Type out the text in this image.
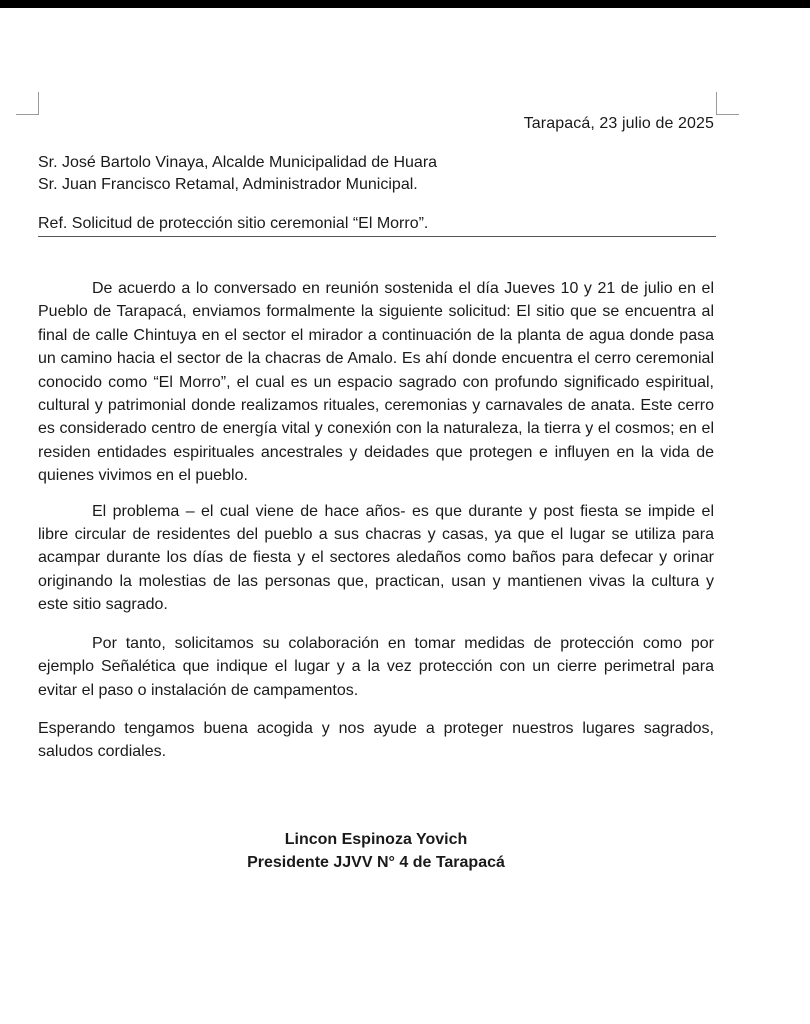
Tarapacá, 23 julio de 2025
Sr. José Bartolo Vinaya, Alcalde Municipalidad de Huara
Sr. Juan Francisco Retamal, Administrador Municipal.
Ref. Solicitud de protección sitio ceremonial “El Morro”.

De acuerdo a lo conversado en reunión sostenida el día Jueves 10 y 21 de julio en el Pueblo de Tarapacá, enviamos formalmente la siguiente solicitud: El sitio que se encuentra al final de calle Chintuya en el sector el mirador a continuación de la planta de agua donde pasa un camino hacia el sector de la chacras de Amalo. Es ahí donde encuentra el cerro ceremonial conocido como “El Morro”, el cual es un espacio sagrado con profundo significado espiritual, cultural y patrimonial donde realizamos rituales, ceremonias y carnavales de anata. Este cerro es considerado centro de energía vital y conexión con la naturaleza, la tierra y el cosmos; en el residen entidades espirituales ancestrales y deidades que protegen e influyen en la vida de quienes vivimos en el pueblo.

El problema – el cual viene de hace años- es que durante y post fiesta se impide el libre circular de residentes del pueblo a sus chacras y casas, ya que el lugar se utiliza para acampar durante los días de fiesta y el sectores aledaños como baños para defecar y orinar originando la molestias de las personas que, practican, usan y mantienen vivas la cultura y este sitio sagrado.

Por tanto, solicitamos su colaboración en tomar medidas de protección como por ejemplo Señalética que indique el lugar y a la vez protección con un cierre perimetral para evitar el paso o instalación de campamentos.

Esperando tengamos buena acogida y nos ayude a proteger nuestros lugares sagrados, saludos cordiales.

Lincon Espinoza Yovich
Presidente JJVV N° 4 de Tarapacá
